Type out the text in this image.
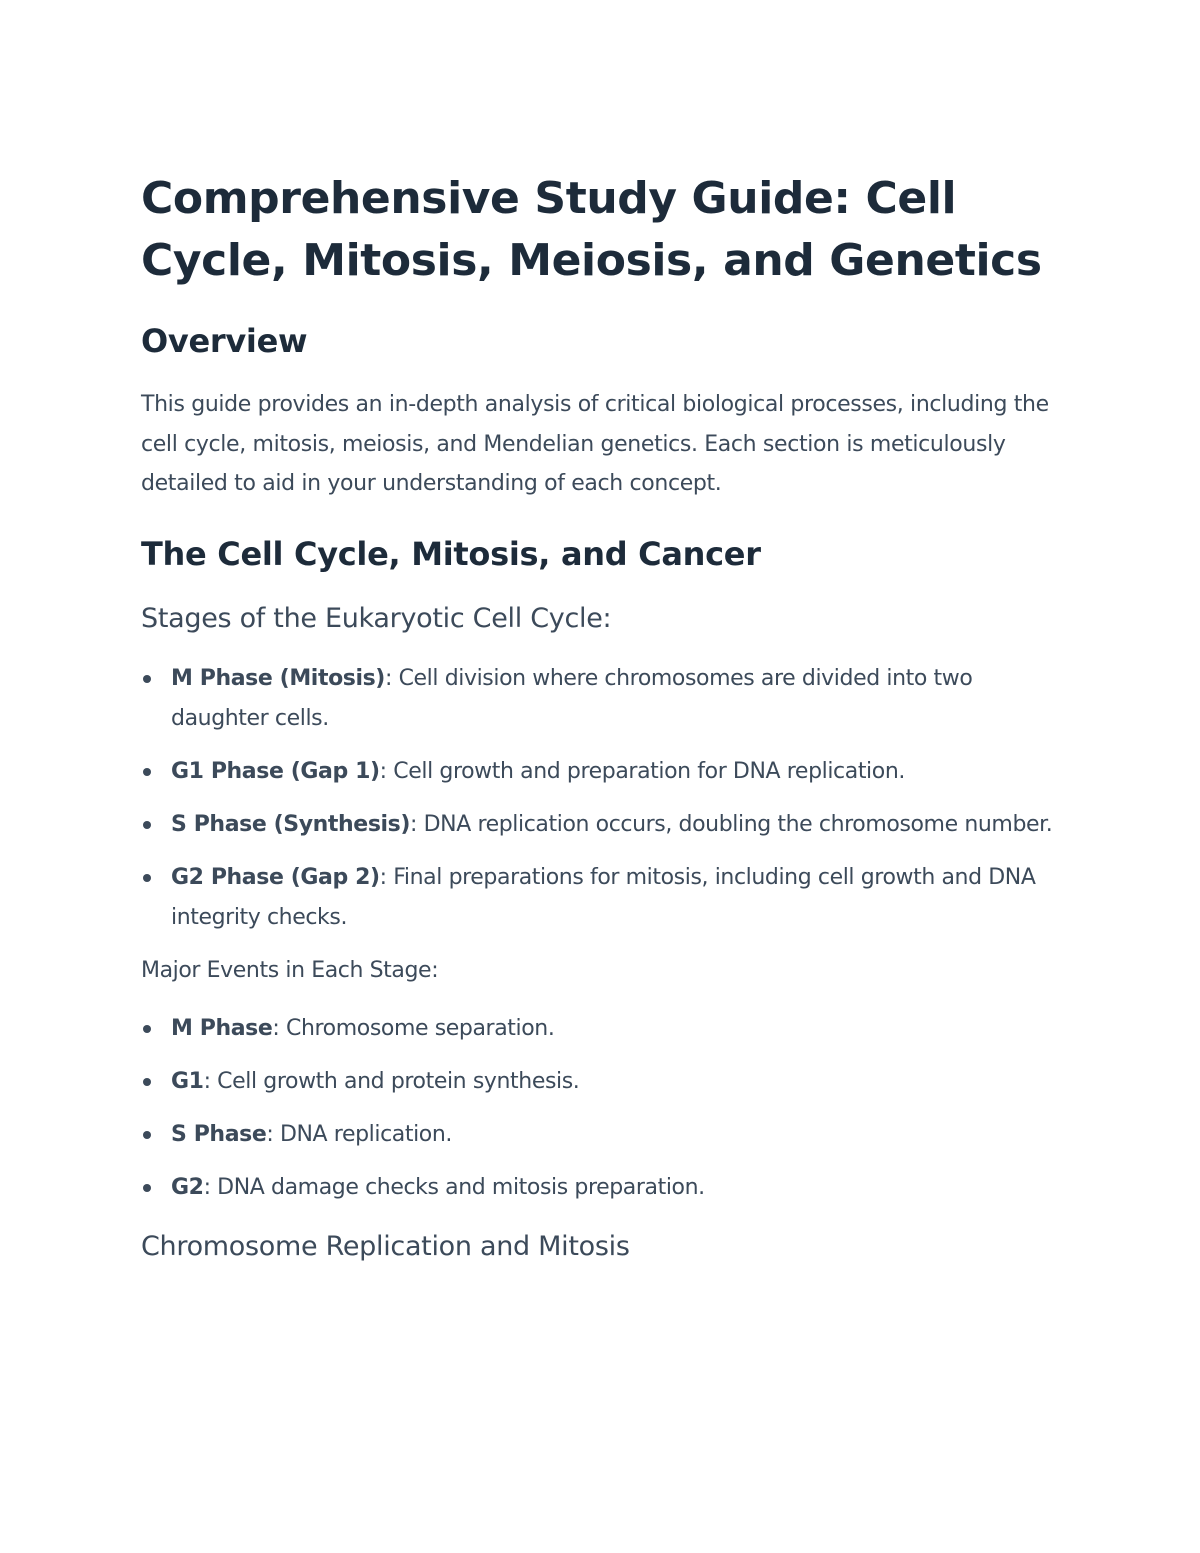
Comprehensive Study Guide: Cell Cycle, Mitosis, Meiosis, and Genetics
Overview

This guide provides an in-depth analysis of critical biological processes, including the cell cycle, mitosis, meiosis, and Mendelian genetics. Each section is meticulously detailed to aid in your understanding of each concept.

The Cell Cycle, Mitosis, and Cancer
Stages of the Eukaryotic Cell Cycle:
M Phase (Mitosis): Cell division where chromosomes are divided into two daughter cells.
G1 Phase (Gap 1): Cell growth and preparation for DNA replication.
S Phase (Synthesis): DNA replication occurs, doubling the chromosome number.
G2 Phase (Gap 2): Final preparations for mitosis, including cell growth and DNA integrity checks.

Major Events in Each Stage:

M Phase: Chromosome separation.
G1: Cell growth and protein synthesis.
S Phase: DNA replication.
G2: DNA damage checks and mitosis preparation.
Chromosome Replication and Mitosis
